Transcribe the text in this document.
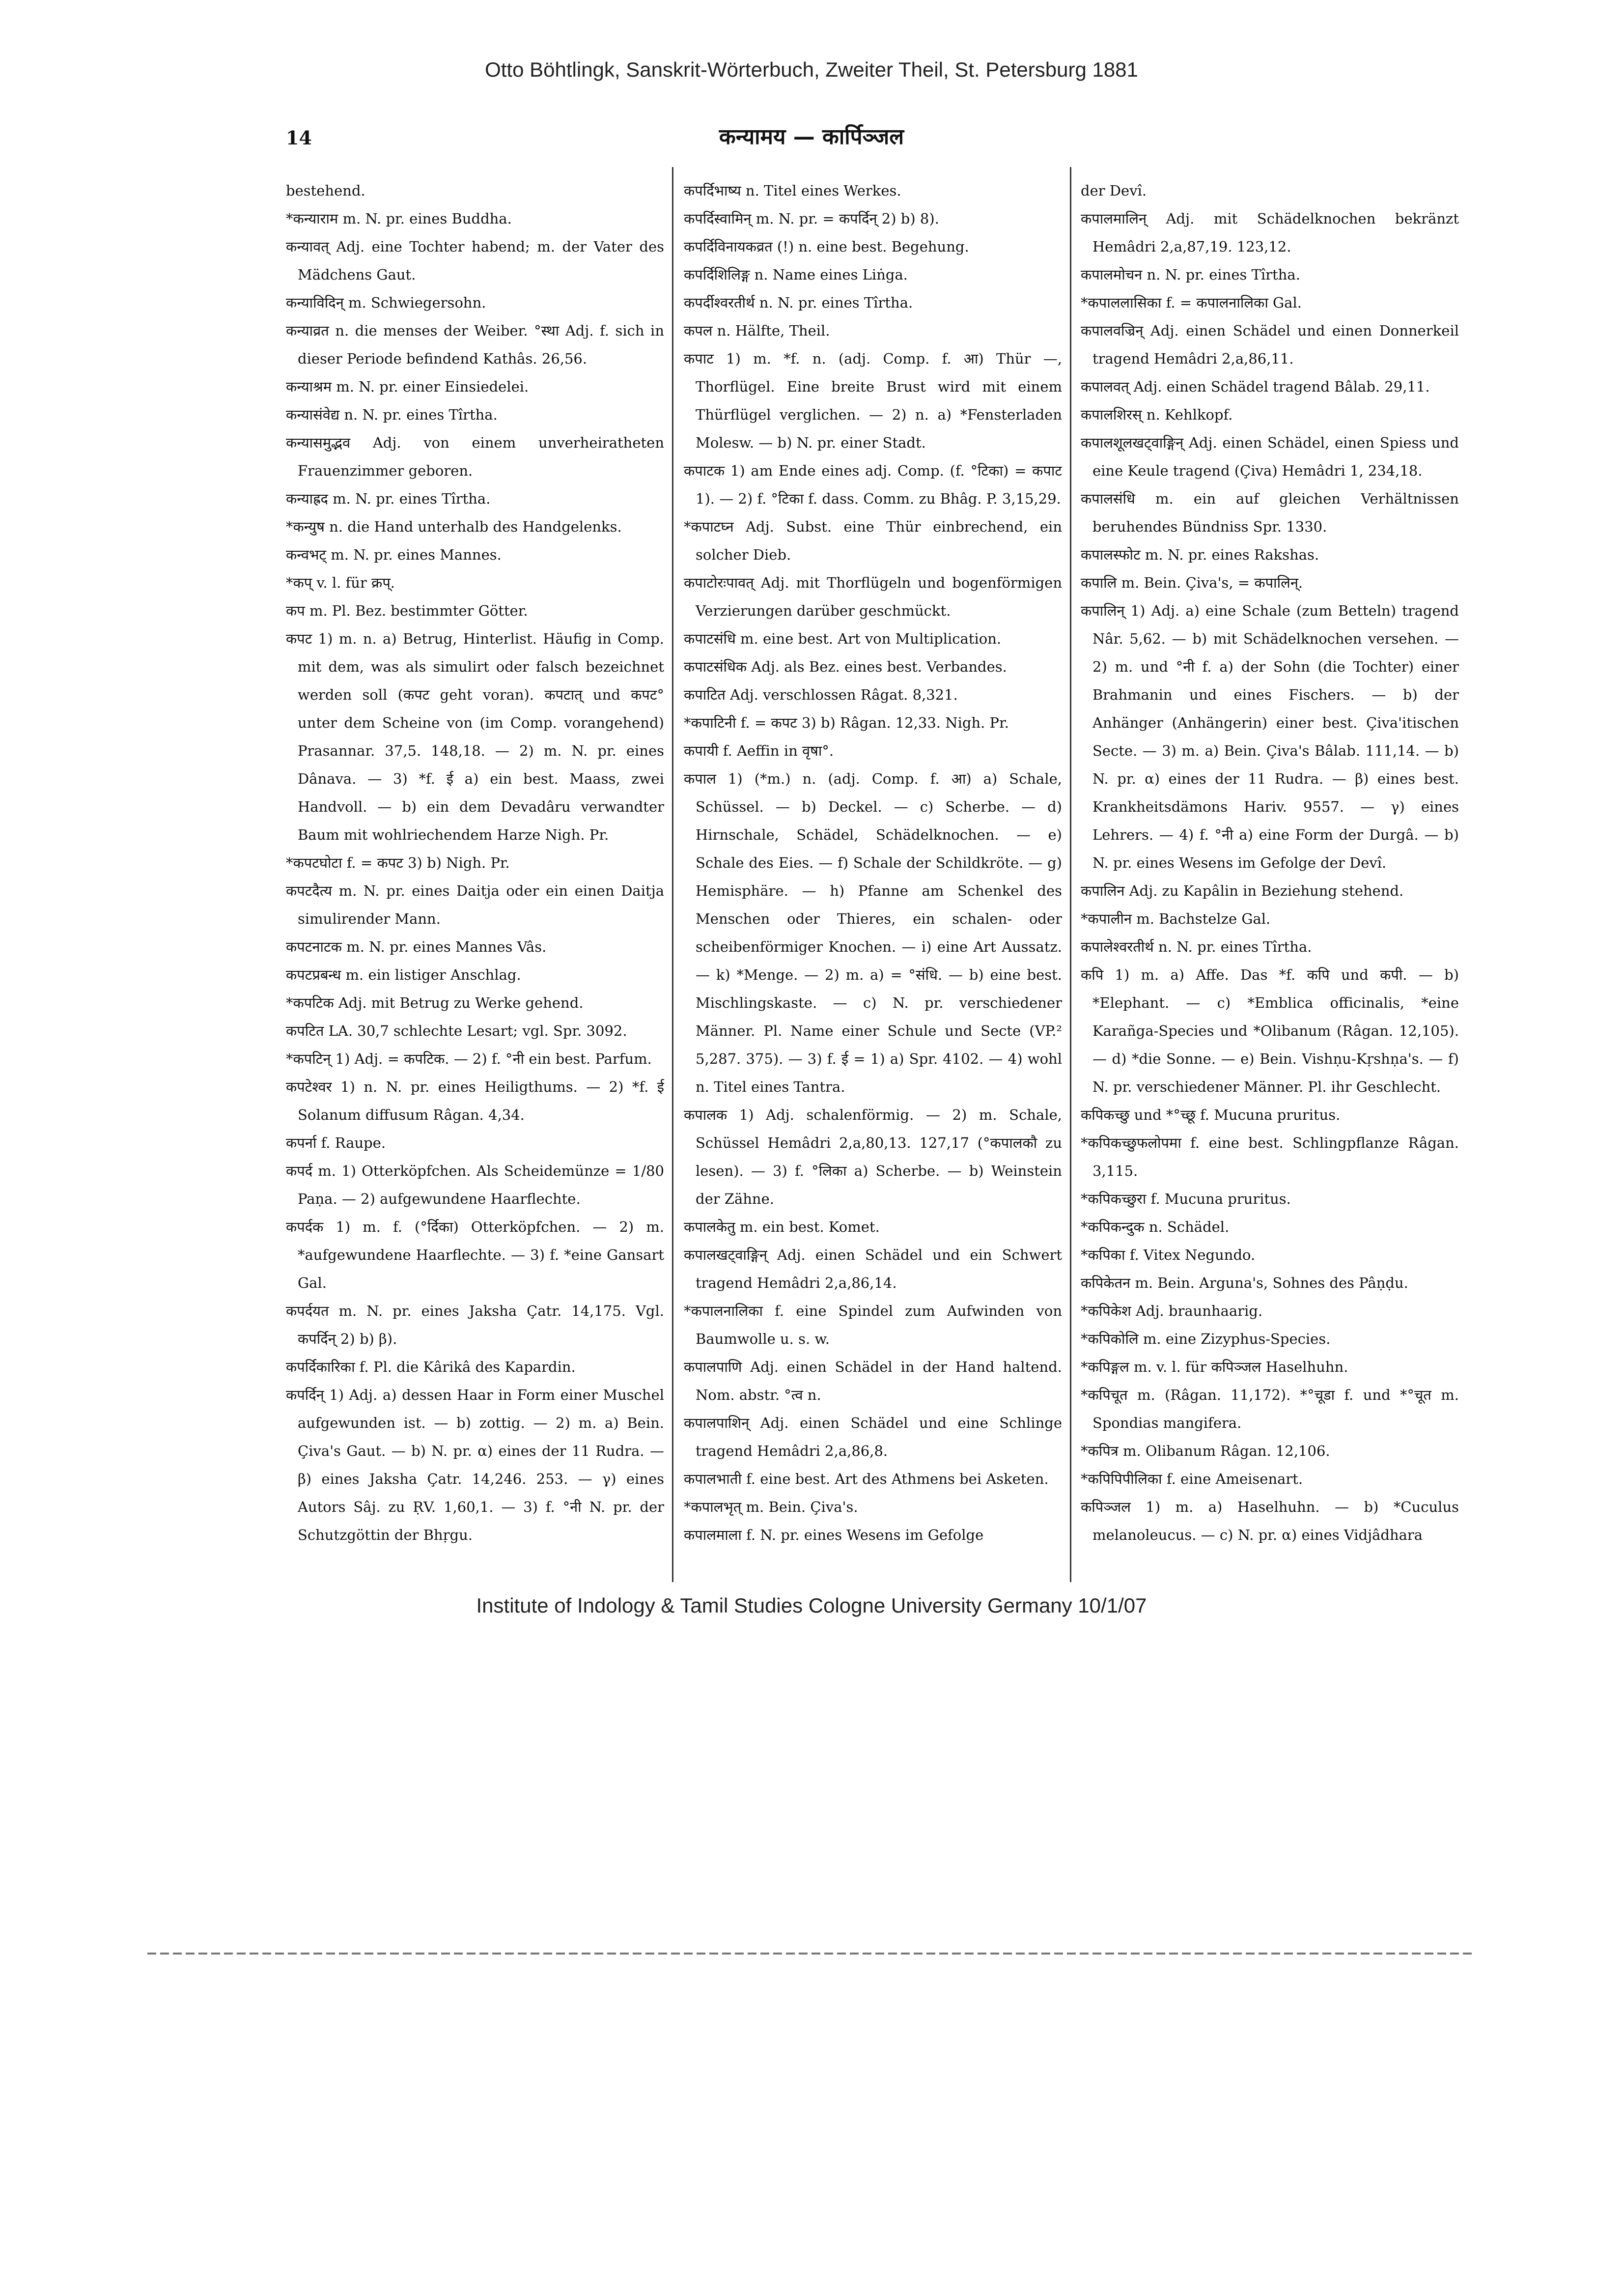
Otto Böhtlingk, Sanskrit-Wörterbuch, Zweiter Theil, St. Petersburg 1881
14	कन्यामय — कार्पिञ्जल

bestehend.

*कन्याराम m. N. pr. eines Buddha.

कन्यावत् Adj. eine Tochter habend; m. der Vater des Mädchens Gaut.

कन्याविदिन् m. Schwiegersohn.

कन्याव्रत n. die menses der Weiber. °स्था Adj. f. sich in dieser Periode befindend Kathâs. 26,56.

कन्याश्रम m. N. pr. einer Einsiedelei.

कन्यासंवेद्य n. N. pr. eines Tîrtha.

कन्यासमुद्भव Adj. von einem unverheiratheten Frauenzimmer geboren.

कन्याह्रद m. N. pr. eines Tîrtha.

*कन्युष n. die Hand unterhalb des Handgelenks.

कन्वभट् m. N. pr. eines Mannes.

*कप् v. l. für क्रप्.

कप m. Pl. Bez. bestimmter Götter.

कपट 1) m. n. a) Betrug, Hinterlist. Häufig in Comp. mit dem, was als simulirt oder falsch bezeichnet werden soll (कपट geht voran). कपटात् und कपट° unter dem Scheine von (im Comp. vorangehend) Prasannar. 37,5. 148,18. — 2) m. N. pr. eines Dânava. — 3) *f. ई a) ein best. Maass, zwei Handvoll. — b) ein dem Devadâru verwandter Baum mit wohlriechendem Harze Nigh. Pr.

*कपटघोटा f. = कपट 3) b) Nigh. Pr.

कपटदैत्य m. N. pr. eines Daitja oder ein einen Daitja simulirender Mann.

कपटनाटक m. N. pr. eines Mannes Vâs.

कपटप्रबन्ध m. ein listiger Anschlag.

*कपटिक Adj. mit Betrug zu Werke gehend.

कपटित LA. 30,7 schlechte Lesart; vgl. Spr. 3092.

*कपटिन् 1) Adj. = कपटिक. — 2) f. °नी ein best. Parfum.

कपटेश्वर 1) n. N. pr. eines Heiligthums. — 2) *f. ई Solanum diffusum Râgan. 4,34.

कपर्ना f. Raupe.

कपर्द m. 1) Otterköpfchen. Als Scheidemünze = 1/80 Paṇa. — 2) aufgewundene Haarflechte.

कपर्दक 1) m. f. (°र्दिका) Otterköpfchen. — 2) m. *aufgewundene Haarflechte. — 3) f. *eine Gansart Gal.

कपर्दयत m. N. pr. eines Jaksha Çatr. 14,175. Vgl. कपर्दिन् 2) b) β).

कपर्दिकारिका f. Pl. die Kârikâ des Kapardin.

कपर्दिन् 1) Adj. a) dessen Haar in Form einer Muschel aufgewunden ist. — b) zottig. — 2) m. a) Bein. Çiva's Gaut. — b) N. pr. α) eines der 11 Rudra. — β) eines Jaksha Çatr. 14,246. 253. — γ) eines Autors Sâj. zu ṚV. 1,60,1. — 3) f. °नी N. pr. der Schutzgöttin der Bhṛgu.

कपर्दिभाष्य n. Titel eines Werkes.

कपर्दिस्वामिन् m. N. pr. = कपर्दिन् 2) b) 8).

कपर्दिविनायकव्रत (!) n. eine best. Begehung.

कपर्दिशिलिङ्ग n. Name eines Liṅga.

कपर्दीश्वरतीर्थ n. N. pr. eines Tîrtha.

कपल n. Hälfte, Theil.

कपाट 1) m. *f. n. (adj. Comp. f. आ) Thür —, Thorflügel. Eine breite Brust wird mit einem Thürflügel verglichen. — 2) n. a) *Fensterladen Molesw. — b) N. pr. einer Stadt.

कपाटक 1) am Ende eines adj. Comp. (f. °टिका) = कपाट 1). — 2) f. °टिका f. dass. Comm. zu Bhâg. P. 3,15,29.

*कपाटघ्न Adj. Subst. eine Thür einbrechend, ein solcher Dieb.

कपाटोरःपावत् Adj. mit Thorflügeln und bogenförmigen Verzierungen darüber geschmückt.

कपाटसंधि m. eine best. Art von Multiplication.

कपाटसंधिक Adj. als Bez. eines best. Verbandes.

कपाटित Adj. verschlossen Râgat. 8,321.

*कपाटिनी f. = कपट 3) b) Râgan. 12,33. Nigh. Pr.

कपायी f. Aeffin in वृषा°.

कपाल 1) (*m.) n. (adj. Comp. f. आ) a) Schale, Schüssel. — b) Deckel. — c) Scherbe. — d) Hirnschale, Schädel, Schädelknochen. — e) Schale des Eies. — f) Schale der Schildkröte. — g) Hemisphäre. — h) Pfanne am Schenkel des Menschen oder Thieres, ein schalen- oder scheibenförmiger Knochen. — i) eine Art Aussatz. — k) *Menge. — 2) m. a) = °संधि. — b) eine best. Mischlingskaste. — c) N. pr. verschiedener Männer. Pl. Name einer Schule und Secte (VP.² 5,287. 375). — 3) f. ई = 1) a) Spr. 4102. — 4) wohl n. Titel eines Tantra.

कपालक 1) Adj. schalenförmig. — 2) m. Schale, Schüssel Hemâdri 2,a,80,13. 127,17 (°कपालकौ zu lesen). — 3) f. °लिका a) Scherbe. — b) Weinstein der Zähne.

कपालकेतु m. ein best. Komet.

कपालखट्वाङ्गिन् Adj. einen Schädel und ein Schwert tragend Hemâdri 2,a,86,14.

*कपालनालिका f. eine Spindel zum Aufwinden von Baumwolle u. s. w.

कपालपाणि Adj. einen Schädel in der Hand haltend. Nom. abstr. °त्व n.

कपालपाशिन् Adj. einen Schädel und eine Schlinge tragend Hemâdri 2,a,86,8.

कपालभाती f. eine best. Art des Athmens bei Asketen.

*कपालभृत् m. Bein. Çiva's.

कपालमाला f. N. pr. eines Wesens im Gefolge

der Devî.

कपालमालिन् Adj. mit Schädelknochen bekränzt Hemâdri 2,a,87,19. 123,12.

कपालमोचन n. N. pr. eines Tîrtha.

*कपाललासिका f. = कपालनालिका Gal.

कपालवज्रिन् Adj. einen Schädel und einen Donnerkeil tragend Hemâdri 2,a,86,11.

कपालवत् Adj. einen Schädel tragend Bâlab. 29,11.

कपालशिरस् n. Kehlkopf.

कपालशूलखट्वाङ्गिन् Adj. einen Schädel, einen Spiess und eine Keule tragend (Çiva) Hemâdri 1, 234,18.

कपालसंधि m. ein auf gleichen Verhältnissen beruhendes Bündniss Spr. 1330.

कपालस्फोट m. N. pr. eines Rakshas.

कपालि m. Bein. Çiva's, = कपालिन्.

कपालिन् 1) Adj. a) eine Schale (zum Betteln) tragend Nâr. 5,62. — b) mit Schädelknochen versehen. — 2) m. und °नी f. a) der Sohn (die Tochter) einer Brahmanin und eines Fischers. — b) der Anhänger (Anhängerin) einer best. Çiva'itischen Secte. — 3) m. a) Bein. Çiva's Bâlab. 111,14. — b) N. pr. α) eines der 11 Rudra. — β) eines best. Krankheitsdämons Hariv. 9557. — γ) eines Lehrers. — 4) f. °नी a) eine Form der Durgâ. — b) N. pr. eines Wesens im Gefolge der Devî.

कपालिन Adj. zu Kapâlin in Beziehung stehend.

*कपालीन m. Bachstelze Gal.

कपालेश्वरतीर्थ n. N. pr. eines Tîrtha.

कपि 1) m. a) Affe. Das *f. कपि und कपी. — b) *Elephant. — c) *Emblica officinalis, *eine Karañga-Species und *Olibanum (Râgan. 12,105). — d) *die Sonne. — e) Bein. Vishṇu-Kṛshṇa's. — f) N. pr. verschiedener Männer. Pl. ihr Geschlecht.

कपिकच्छु und *°च्छू f. Mucuna pruritus.

*कपिकच्छुफलोपमा f. eine best. Schlingpflanze Râgan. 3,115.

*कपिकच्छुरा f. Mucuna pruritus.

*कपिकन्दुक n. Schädel.

*कपिका f. Vitex Negundo.

कपिकेतन m. Bein. Arguna's, Sohnes des Pâṇḍu.

*कपिकेश Adj. braunhaarig.

*कपिकोलि m. eine Zizyphus-Species.

*कपिङ्गल m. v. l. für कपिञ्जल Haselhuhn.

*कपिचूत m. (Râgan. 11,172). *°चूडा f. und *°चूत m. Spondias mangifera.

*कपित्र m. Olibanum Râgan. 12,106.

*कपिपिपीलिका f. eine Ameisenart.

कपिञ्जल 1) m. a) Haselhuhn. — b) *Cuculus melanoleucus. — c) N. pr. α) eines Vidjâdhara

Institute of Indology & Tamil Studies Cologne University Germany 10/1/07
